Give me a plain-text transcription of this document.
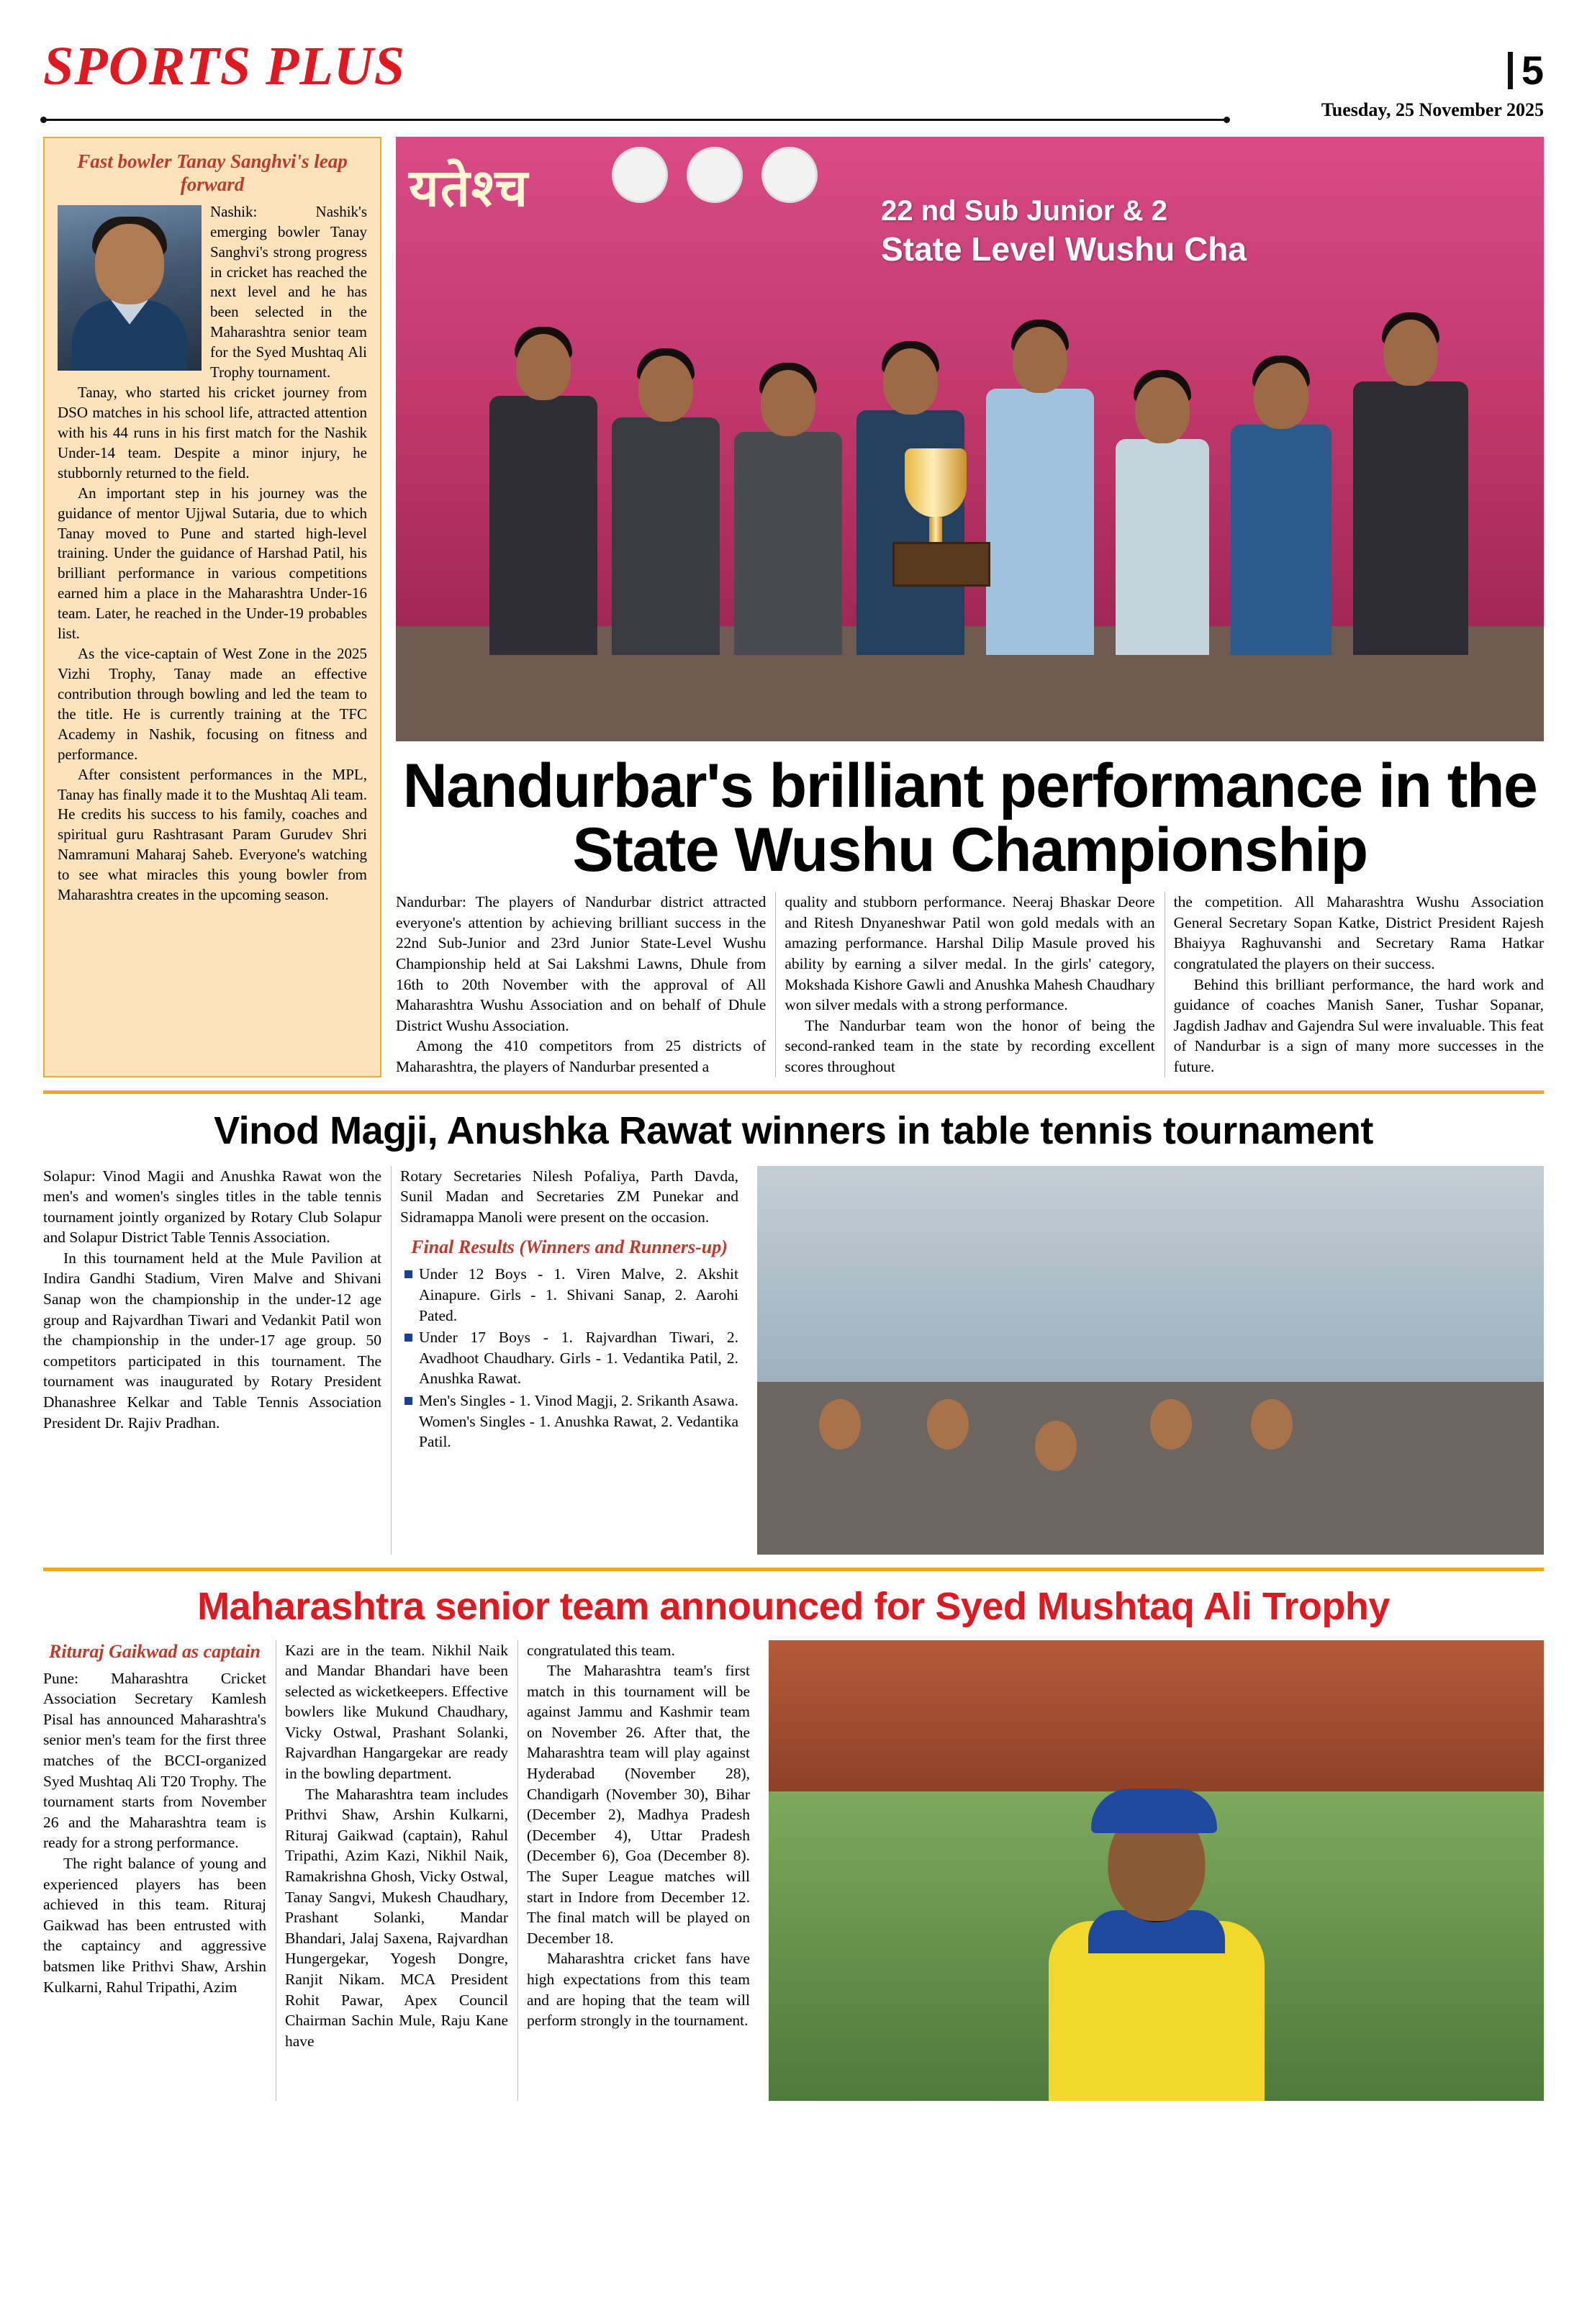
SPORTS PLUS	5
Tuesday, 25 November 2025
Fast bowler Tanay Sanghvi's leap forward

Nashik: Nashik's emerging bowler Tanay Sanghvi's strong progress in cricket has reached the next level and he has been selected in the Maharashtra senior team for the Syed Mushtaq Ali Trophy tournament.

Tanay, who started his cricket journey from DSO matches in his school life, attracted attention with his 44 runs in his first match for the Nashik Under-14 team. Despite a minor injury, he stubbornly returned to the field.

An important step in his journey was the guidance of mentor Ujjwal Sutaria, due to which Tanay moved to Pune and started high-level training. Under the guidance of Harshad Patil, his brilliant performance in various competitions earned him a place in the Maharashtra Under-16 team. Later, he reached in the Under-19 probables list.

As the vice-captain of West Zone in the 2025 Vizhi Trophy, Tanay made an effective contribution through bowling and led the team to the title. He is currently training at the TFC Academy in Nashik, focusing on fitness and performance.

After consistent performances in the MPL, Tanay has finally made it to the Mushtaq Ali team. He credits his success to his family, coaches and spiritual guru Rashtrasant Param Gurudev Shri Namramuni Maharaj Saheb. Everyone's watching to see what miracles this young bowler from Maharashtra creates in the upcoming season.

यतेश्च	22 nd Sub Junior & 2
State Level Wushu Cha
Nandurbar's brilliant performance in the State Wushu Championship

Nandurbar: The players of Nandurbar district attracted everyone's attention by achieving brilliant success in the 22nd Sub-Junior and 23rd Junior State-Level Wushu Championship held at Sai Lakshmi Lawns, Dhule from 16th to 20th November with the approval of All Maharashtra Wushu Association and on behalf of Dhule District Wushu Association.

Among the 410 competitors from 25 districts of Maharashtra, the players of Nandurbar presented a

quality and stubborn performance. Neeraj Bhaskar Deore and Ritesh Dnyaneshwar Patil won gold medals with an amazing performance. Harshal Dilip Masule proved his ability by earning a silver medal. In the girls' category, Mokshada Kishore Gawli and Anushka Mahesh Chaudhary won silver medals with a strong performance.

The Nandurbar team won the honor of being the second-ranked team in the state by recording excellent scores throughout

the competition. All Maharashtra Wushu Association General Secretary Sopan Katke, District President Rajesh Bhaiyya Raghuvanshi and Secretary Rama Hatkar congratulated the players on their success.

Behind this brilliant performance, the hard work and guidance of coaches Manish Saner, Tushar Sopanar, Jagdish Jadhav and Gajendra Sul were invaluable. This feat of Nandurbar is a sign of many more successes in the future.

Vinod Magji, Anushka Rawat winners in table tennis tournament

Solapur: Vinod Magii and Anushka Rawat won the men's and women's singles titles in the table tennis tournament jointly organized by Rotary Club Solapur and Solapur District Table Tennis Association.

In this tournament held at the Mule Pavilion at Indira Gandhi Stadium, Viren Malve and Shivani Sanap won the championship in the under-12 age group and Rajvardhan Tiwari and Vedankit Patil won the championship in the under-17 age group. 50 competitors participated in this tournament. The tournament was inaugurated by Rotary President Dhanashree Kelkar and Table Tennis Association President Dr. Rajiv Pradhan.

Rotary Secretaries Nilesh Pofaliya, Parth Davda, Sunil Madan and Secretaries ZM Punekar and Sidramappa Manoli were present on the occasion.

Final Results (Winners and Runners-up)
Under 12 Boys - 1. Viren Malve, 2. Akshit Ainapure. Girls - 1. Shivani Sanap, 2. Aarohi Pated.
Under 17 Boys - 1. Rajvardhan Tiwari, 2. Avadhoot Chaudhary. Girls - 1. Vedantika Patil, 2. Anushka Rawat.
Men's Singles - 1. Vinod Magji, 2. Srikanth Asawa. Women's Singles - 1. Anushka Rawat, 2. Vedantika Patil.
Maharashtra senior team announced for Syed Mushtaq Ali Trophy
Rituraj Gaikwad as captain

Pune: Maharashtra Cricket Association Secretary Kamlesh Pisal has announced Maharashtra's senior men's team for the first three matches of the BCCI-organized Syed Mushtaq Ali T20 Trophy. The tournament starts from November 26 and the Maharashtra team is ready for a strong performance.

The right balance of young and experienced players has been achieved in this team. Rituraj Gaikwad has been entrusted with the captaincy and aggressive batsmen like Prithvi Shaw, Arshin Kulkarni, Rahul Tripathi, Azim

Kazi are in the team. Nikhil Naik and Mandar Bhandari have been selected as wicketkeepers. Effective bowlers like Mukund Chaudhary, Vicky Ostwal, Prashant Solanki, Rajvardhan Hangargekar are ready in the bowling department.

The Maharashtra team includes Prithvi Shaw, Arshin Kulkarni, Rituraj Gaikwad (captain), Rahul Tripathi, Azim Kazi, Nikhil Naik, Ramakrishna Ghosh, Vicky Ostwal, Tanay Sangvi, Mukesh Chaudhary, Prashant Solanki, Mandar Bhandari, Jalaj Saxena, Rajvardhan Hungergekar, Yogesh Dongre, Ranjit Nikam. MCA President Rohit Pawar, Apex Council Chairman Sachin Mule, Raju Kane have

congratulated this team.

The Maharashtra team's first match in this tournament will be against Jammu and Kashmir team on November 26. After that, the Maharashtra team will play against Hyderabad (November 28), Chandigarh (November 30), Bihar (December 2), Madhya Pradesh (December 4), Uttar Pradesh (December 6), Goa (December 8). The Super League matches will start in Indore from December 12. The final match will be played on December 18.

Maharashtra cricket fans have high expectations from this team and are hoping that the team will perform strongly in the tournament.
